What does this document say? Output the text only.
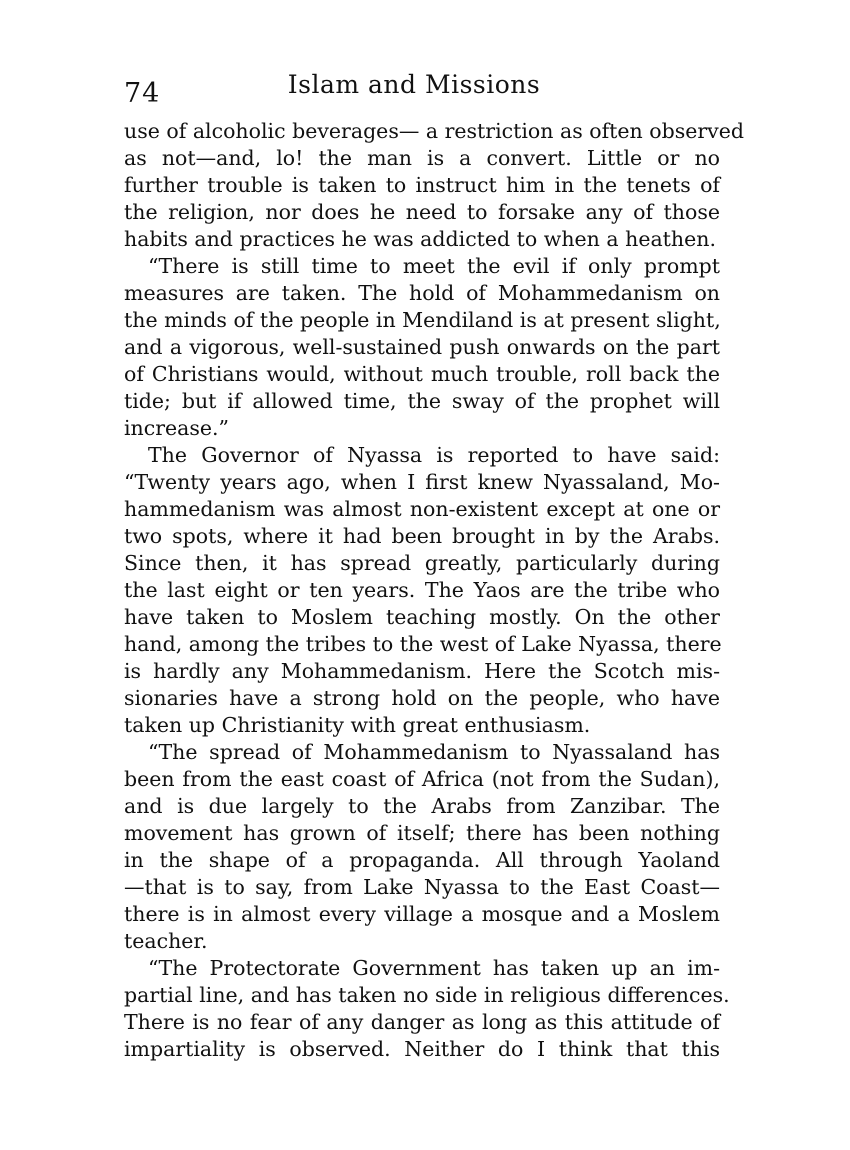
74	Islam and Missions
use of alcoholic beverages— a restriction as often observed
as not—and, lo! the man is a convert. Little or no
further trouble is taken to instruct him in the tenets of
the religion, nor does he need to forsake any of those
habits and practices he was addicted to when a heathen.
“There is still time to meet the evil if only prompt
measures are taken. The hold of Mohammedanism on
the minds of the people in Mendiland is at present slight,
and a vigorous, well-sustained push onwards on the part
of Christians would, without much trouble, roll back the
tide; but if allowed time, the sway of the prophet will
increase.”
The Governor of Nyassa is reported to have said:
“Twenty years ago, when I first knew Nyassaland, Mo-
hammedanism was almost non-existent except at one or
two spots, where it had been brought in by the Arabs.
Since then, it has spread greatly, particularly during
the last eight or ten years. The Yaos are the tribe who
have taken to Moslem teaching mostly. On the other
hand, among the tribes to the west of Lake Nyassa, there
is hardly any Mohammedanism. Here the Scotch mis-
sionaries have a strong hold on the people, who have
taken up Christianity with great enthusiasm.
“The spread of Mohammedanism to Nyassaland has
been from the east coast of Africa (not from the Sudan),
and is due largely to the Arabs from Zanzibar. The
movement has grown of itself; there has been nothing
in the shape of a propaganda. All through Yaoland
—that is to say, from Lake Nyassa to the East Coast—
there is in almost every village a mosque and a Moslem
teacher.
“The Protectorate Government has taken up an im-
partial line, and has taken no side in religious differences.
There is no fear of any danger as long as this attitude of
impartiality is observed. Neither do I think that this
